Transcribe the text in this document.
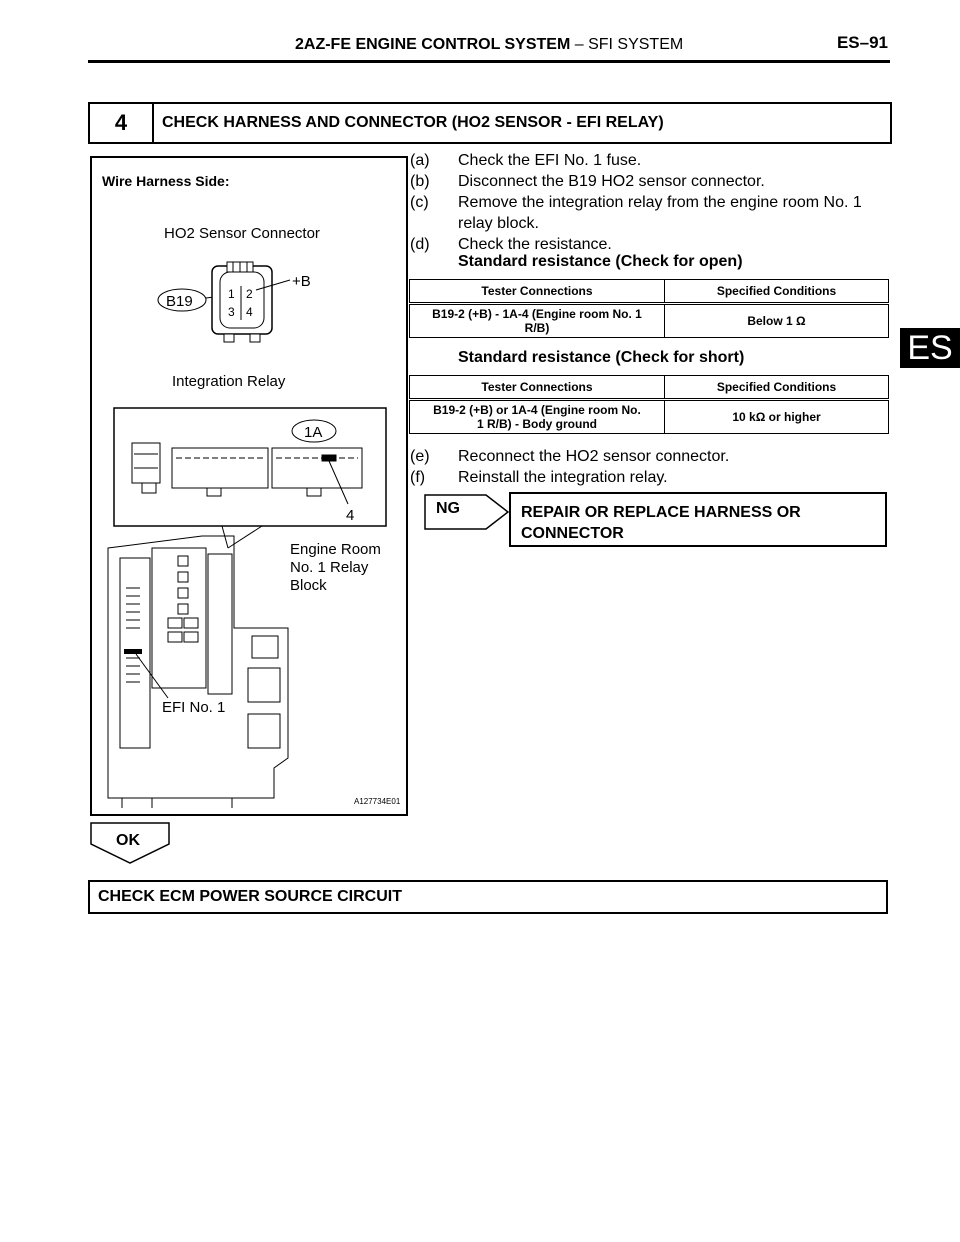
2AZ-FE ENGINE CONTROL SYSTEM – SFI SYSTEM	ES–91
ES
4	CHECK HARNESS AND CONNECTOR (HO2 SENSOR - EFI RELAY)
Wire Harness Side:
HO2 Sensor Connector
B19	1 2
3 4
+B
Integration Relay
1A
4
Engine Room
No. 1 Relay
Block
EFI No. 1
A127734E01
(a) Check the EFI No. 1 fuse.
(b) Disconnect the B19 HO2 sensor connector.
(c) Remove the integration relay from the engine room No. 1
relay block.
(d) Check the resistance.
Standard resistance (Check for open)
Tester Connections	Specified Conditions
B19-2 (+B) - 1A-4 (Engine room No. 1
R/B)	Below 1 Ω
Standard resistance (Check for short)
Tester Connections	Specified Conditions
B19-2 (+B) or 1A-4 (Engine room No.
1 R/B) - Body ground	10 kΩ or higher
(e) Reconnect the HO2 sensor connector.
(f) Reinstall the integration relay.
NG	REPAIR OR REPLACE HARNESS OR
CONNECTOR
OK
CHECK ECM POWER SOURCE CIRCUIT
